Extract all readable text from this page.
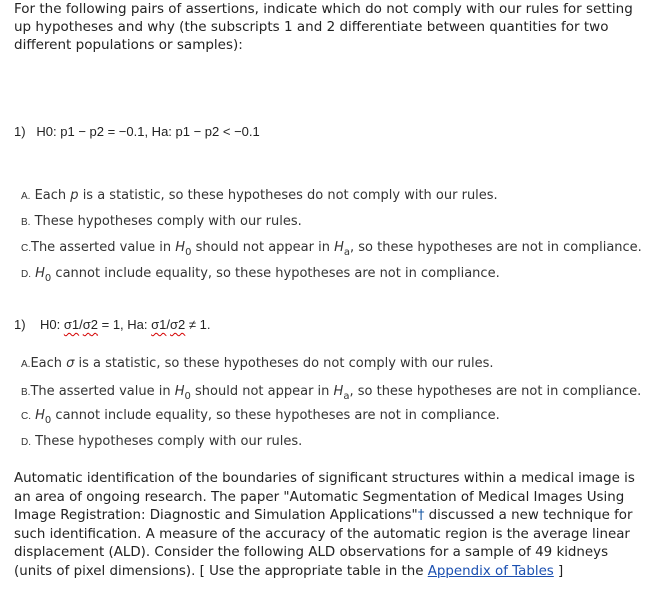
For the following pairs of assertions, indicate which do not comply with our rules for setting up hypotheses and why (the subscripts 1 and 2 differentiate between quantities for two different populations or samples):
1) H0: p1 − p2 = −0.1, Ha: p1 − p2 < −0.1
A. Each p is a statistic, so these hypotheses do not comply with our rules.
B. These hypotheses comply with our rules.
C.The asserted value in $H_0$ should not appear in $H_a$, so these hypotheses are not in compliance.
D. $H_0$ cannot include equality, so these hypotheses are not in compliance.
1) H0: σ1/σ2 = 1, Ha: σ1/σ2 ≠ 1.
A.Each σ is a statistic, so these hypotheses do not comply with our rules.
B.The asserted value in $H_0$ should not appear in $H_a$, so these hypotheses are not in compliance.
C. $H_0$ cannot include equality, so these hypotheses are not in compliance.
D. These hypotheses comply with our rules.
Automatic identification of the boundaries of significant structures within a medical image is an area of ongoing research. The paper "Automatic Segmentation of Medical Images Using Image Registration: Diagnostic and Simulation Applications"† discussed a new technique for such identification. A measure of the accuracy of the automatic region is the average linear displacement (ALD). Consider the following ALD observations for a sample of 49 kidneys (units of pixel dimensions). [ Use the appropriate table in the Appendix of Tables ]
